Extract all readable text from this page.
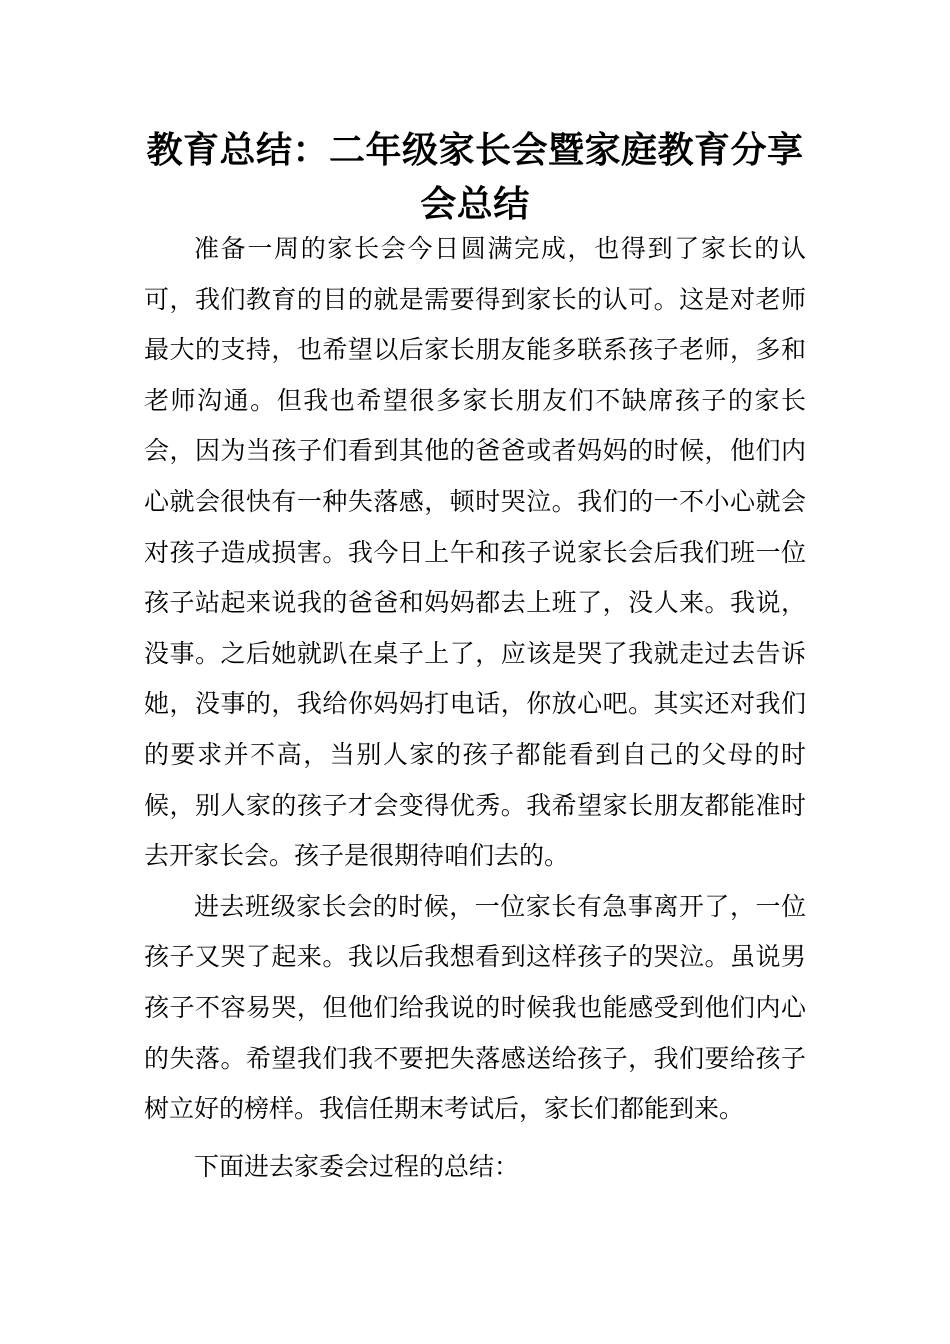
教育总结：二年级家长会暨家庭教育分享会总结

准备一周的家长会今日圆满完成，也得到了家长的认可，我们教育的目的就是需要得到家长的认可。这是对老师最大的支持，也希望以后家长朋友能多联系孩子老师，多和老师沟通。但我也希望很多家长朋友们不缺席孩子的家长会，因为当孩子们看到其他的爸爸或者妈妈的时候，他们内心就会很快有一种失落感，顿时哭泣。我们的一不小心就会对孩子造成损害。我今日上午和孩子说家长会后我们班一位孩子站起来说我的爸爸和妈妈都去上班了，没人来。我说，没事。之后她就趴在桌子上了，应该是哭了我就走过去告诉她，没事的，我给你妈妈打电话，你放心吧。其实还对我们的要求并不高，当别人家的孩子都能看到自己的父母的时候，别人家的孩子才会变得优秀。我希望家长朋友都能准时去开家长会。孩子是很期待咱们去的。

进去班级家长会的时候，一位家长有急事离开了，一位孩子又哭了起来。我以后我想看到这样孩子的哭泣。虽说男孩子不容易哭，但他们给我说的时候我也能感受到他们内心的失落。希望我们我不要把失落感送给孩子，我们要给孩子树立好的榜样。我信任期末考试后，家长们都能到来。

下面进去家委会过程的总结：
